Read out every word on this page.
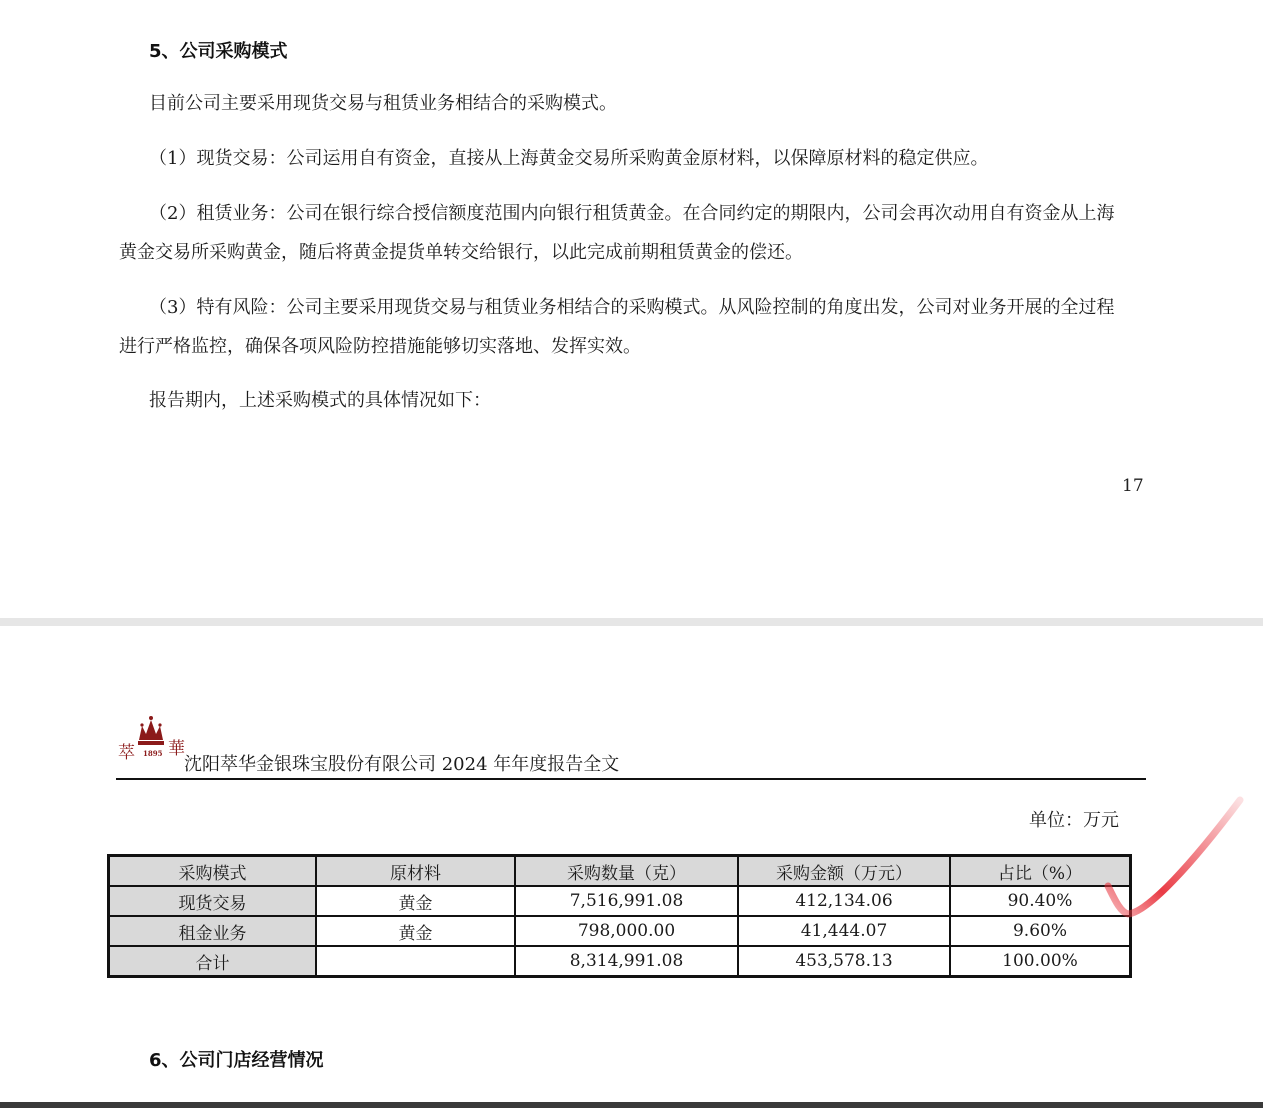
5、公司采购模式
目前公司主要采用现货交易与租赁业务相结合的采购模式。
（1）现货交易：公司运用自有资金，直接从上海黄金交易所采购黄金原材料，以保障原材料的稳定供应。
（2）租赁业务：公司在银行综合授信额度范围内向银行租赁黄金。在合同约定的期限内，公司会再次动用自有资金从上海黄金交易所采购黄金，随后将黄金提货单转交给银行，以此完成前期租赁黄金的偿还。
（3）特有风险：公司主要采用现货交易与租赁业务相结合的采购模式。从风险控制的角度出发，公司对业务开展的全过程进行严格监控，确保各项风险防控措施能够切实落地、发挥实效。
报告期内，上述采购模式的具体情况如下：
17
萃 華
1895
沈阳萃华金银珠宝股份有限公司 2024 年年度报告全文
单位：万元
采购模式	原材料	采购数量（克）	采购金额（万元）	占比（%）
现货交易	黄金	7,516,991.08	412,134.06	90.40%
租金业务	黄金	798,000.00	41,444.07	9.60%
合计		8,314,991.08	453,578.13	100.00%
6、公司门店经营情况
